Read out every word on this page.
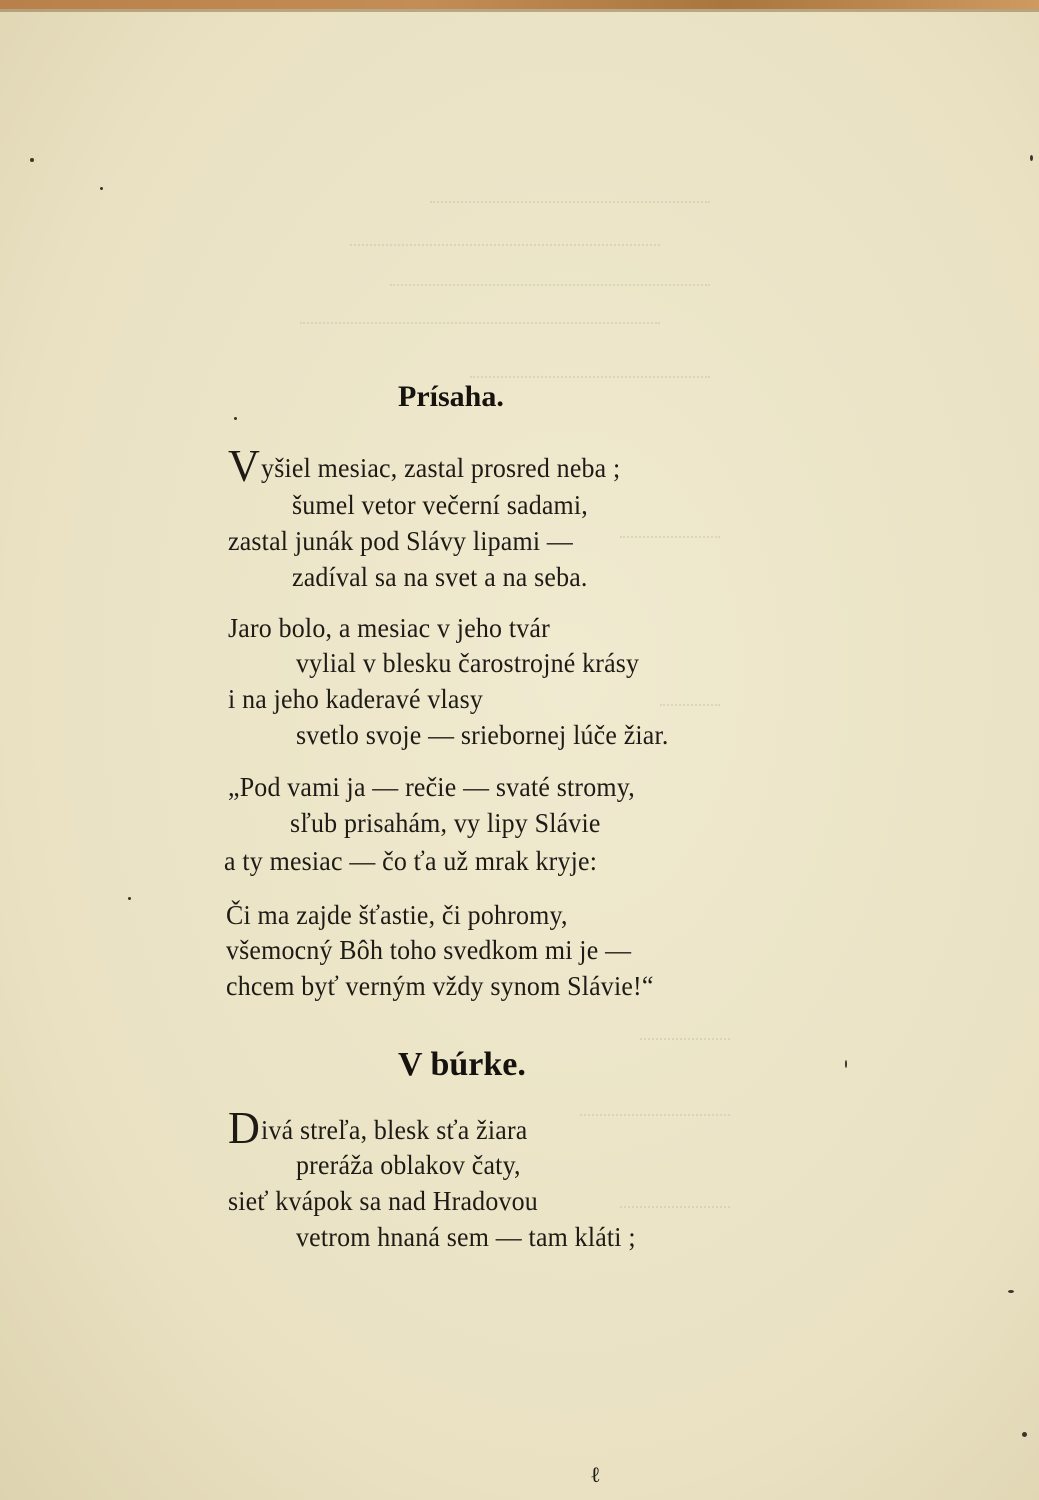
Prísaha.
Vyšiel mesiac, zastal prosred neba ;
šumel vetor večerní sadami,
zastal junák pod Slávy lipami —
zadíval sa na svet a na seba.
Jaro bolo, a mesiac v jeho tvár
vylial v blesku čarostrojné krásy
i na jeho kaderavé vlasy
svetlo svoje — sriebornej lúče žiar.
„Pod vami ja — rečie — svaté stromy,
sľub prisahám, vy lipy Slávie
a ty mesiac — čo ťa už mrak kryje:
Či ma zajde šťastie, či pohromy,
všemocný Bôh toho svedkom mi je —
chcem byť verným vždy synom Slávie!“
V búrke.
Divá streľa, blesk sťa žiara
preráža oblakov čaty,
sieť kvápok sa nad Hradovou
vetrom hnaná sem — tam kláti ;
ℓ
